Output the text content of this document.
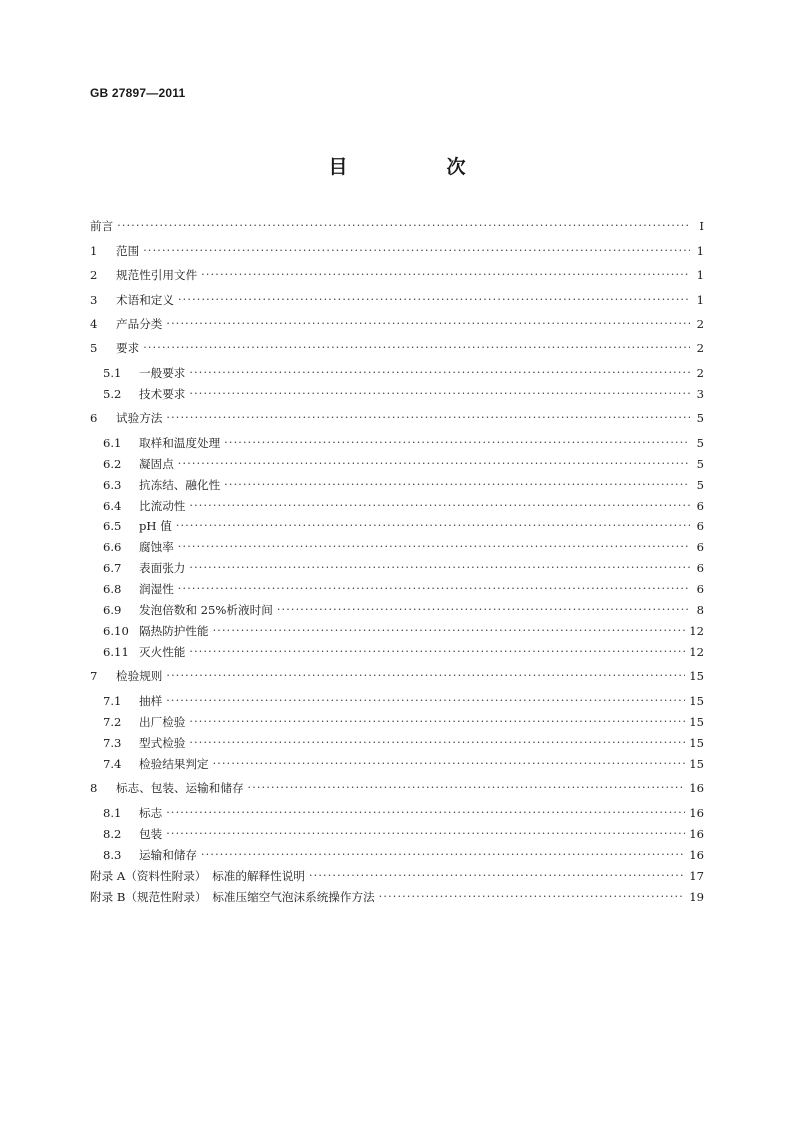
GB 27897—2011
目　次
前言 ·····	Ⅰ
1	范围 ·····	1
2	规范性引用文件 ·····	1
3	术语和定义 ·····	1
4	产品分类 ·····	2
5	要求 ·····	2
5.1	一般要求 ·····	2
5.2	技术要求 ·····	3
6	试验方法 ·····	5
6.1	取样和温度处理 ·····	5
6.2	凝固点 ·····	5
6.3	抗冻结、融化性 ·····	5
6.4	比流动性 ·····	6
6.5	pH 值 ·····	6
6.6	腐蚀率 ·····	6
6.7	表面张力 ·····	6
6.8	润湿性 ·····	6
6.9	发泡倍数和 25%析液时间 ·····	8
6.10 隔热防护性能 ·····	12
6.11 灭火性能 ·····	12
7	检验规则 ·····	15
7.1	抽样 ·····	15
7.2	出厂检验 ·····	15
7.3	型式检验 ·····	15
7.4	检验结果判定 ·····	15
8	标志、包装、运输和储存 ·····	16
8.1	标志 ·····	16
8.2	包装 ·····	16
8.3	运输和储存 ·····	16
附录 A（资料性附录）　标准的解释性说明 ·····	17
附录 B（规范性附录）　标准压缩空气泡沫系统操作方法 ·····	19
